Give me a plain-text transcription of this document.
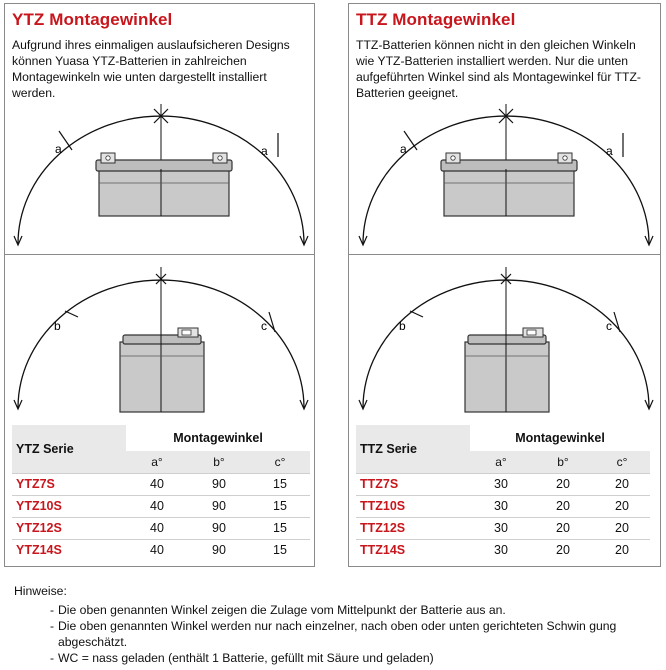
YTZ Montagewinkel
Aufgrund ihres einmaligen auslaufsicheren Designs können Yuasa YTZ-Batterien in zahlreichen Montagewinkeln wie unten dargestellt installiert werden.
a	a
b	c
YTZ Serie	Montagewinkel		
	a°	b°	c°
YTZ7S	40	90	15
YTZ10S	40	90	15
YTZ12S	40	90	15
YTZ14S	40	90	15
TTZ Montagewinkel
TTZ-Batterien können nicht in den gleichen Winkeln wie YTZ-Batterien installiert werden. Nur die unten aufgeführten Winkel sind als Montagewinkel für TTZ-Batterien geeignet.
a	a
b	c
TTZ Serie	Montagewinkel		
	a°	b°	c°
TTZ7S	30	20	20
TTZ10S	30	20	20
TTZ12S	30	20	20
TTZ14S	30	20	20
Hinweise:
- Die oben genannten Winkel zeigen die Zulage vom Mittelpunkt der Batterie aus an.
- Die oben genannten Winkel werden nur nach einzelner, nach oben oder unten gerichteten Schwin gung abgeschätzt.
- WC = nass geladen (enthält 1 Batterie, gefüllt mit Säure und geladen)
